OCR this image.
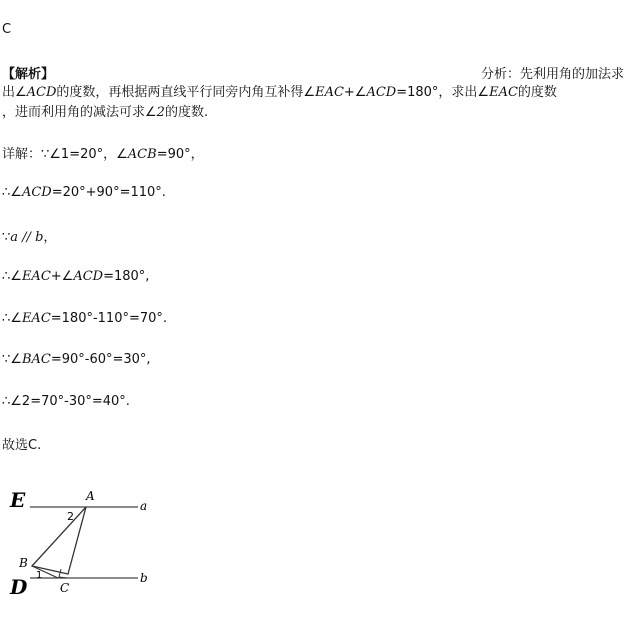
C
【解析】	分析：先利用角的加法求
出∠ACD的度数，再根据两直线平行同旁内角互补得∠EAC+∠ACD=180°，求出∠EAC的度数
，进而利用角的减法可求∠2的度数.
详解：∵∠1=20°，∠ACB=90°，
∴∠ACD=20°+90°=110°.
∵a // b，
∴∠EAC+∠ACD=180°,
∴∠EAC=180°-110°=70°.
∵∠BAC=90°-60°=30°,
∴∠2=70°-30°=40°.
故选C.
E	A
a
2
B
1
D	C
b
